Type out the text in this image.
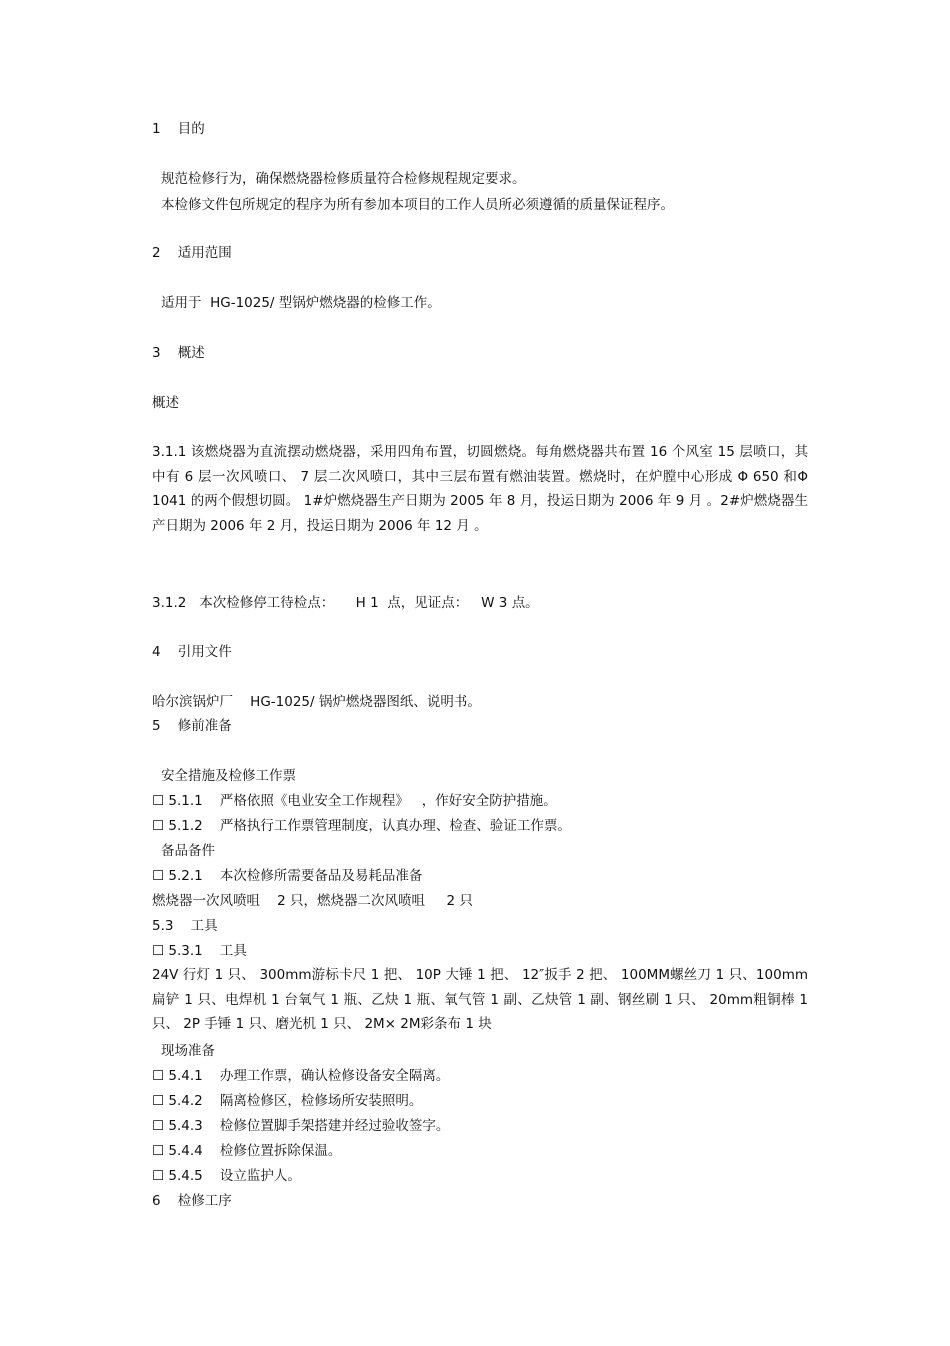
1    目的
规范检修行为，确保燃烧器检修质量符合检修规程规定要求。
本检修文件包所规定的程序为所有参加本项目的工作人员所必须遵循的质量保证程序。
2    适用范围
适用于  HG-1025/ 型锅炉燃烧器的检修工作。
3    概述
概述
3.1.1 该燃烧器为直流摆动燃烧器，采用四角布置，切圆燃烧。每角燃烧器共布置 16 个风室 15 层喷口，其中有 6 层一次风喷口、 7 层二次风喷口，其中三层布置有燃油装置。燃烧时，在炉膛中心形成 Φ 650 和Φ 1041 的两个假想切圆。 1#炉燃烧器生产日期为 2005 年 8 月，投运日期为 2006 年 9 月 。2#炉燃烧器生产日期为 2006 年 2 月，投运日期为 2006 年 12 月 。
3.1.2   本次检修停工待检点：     H 1  点，见证点：   W 3 点。
4    引用文件
哈尔滨锅炉厂    HG-1025/ 锅炉燃烧器图纸、说明书。
5    修前准备
安全措施及检修工作票
☐ 5.1.1    严格依照《电业安全工作规程》   ，作好安全防护措施。
☐ 5.1.2    严格执行工作票管理制度，认真办理、检查、验证工作票。
备品备件
☐ 5.2.1    本次检修所需要备品及易耗品准备
燃烧器一次风喷咀    2 只，燃烧器二次风喷咀     2 只
5.3    工具
☐ 5.3.1    工具
24V 行灯 1 只、 300mm游标卡尺 1 把、 10P 大锤 1 把、 12″扳手 2 把、 100MM螺丝刀 1 只、100mm扁铲 1 只、电焊机 1 台氧气 1 瓶、乙炔 1 瓶、氧气管 1 副、乙炔管 1 副、钢丝刷 1 只、 20mm粗铜棒 1 只、 2P 手锤 1 只、磨光机 1 只、 2M× 2M彩条布 1 块
现场准备
☐ 5.4.1    办理工作票，确认检修设备安全隔离。
☐ 5.4.2    隔离检修区，检修场所安装照明。
☐ 5.4.3    检修位置脚手架搭建并经过验收签字。
☐ 5.4.4    检修位置拆除保温。
☐ 5.4.5    设立监护人。
6    检修工序
